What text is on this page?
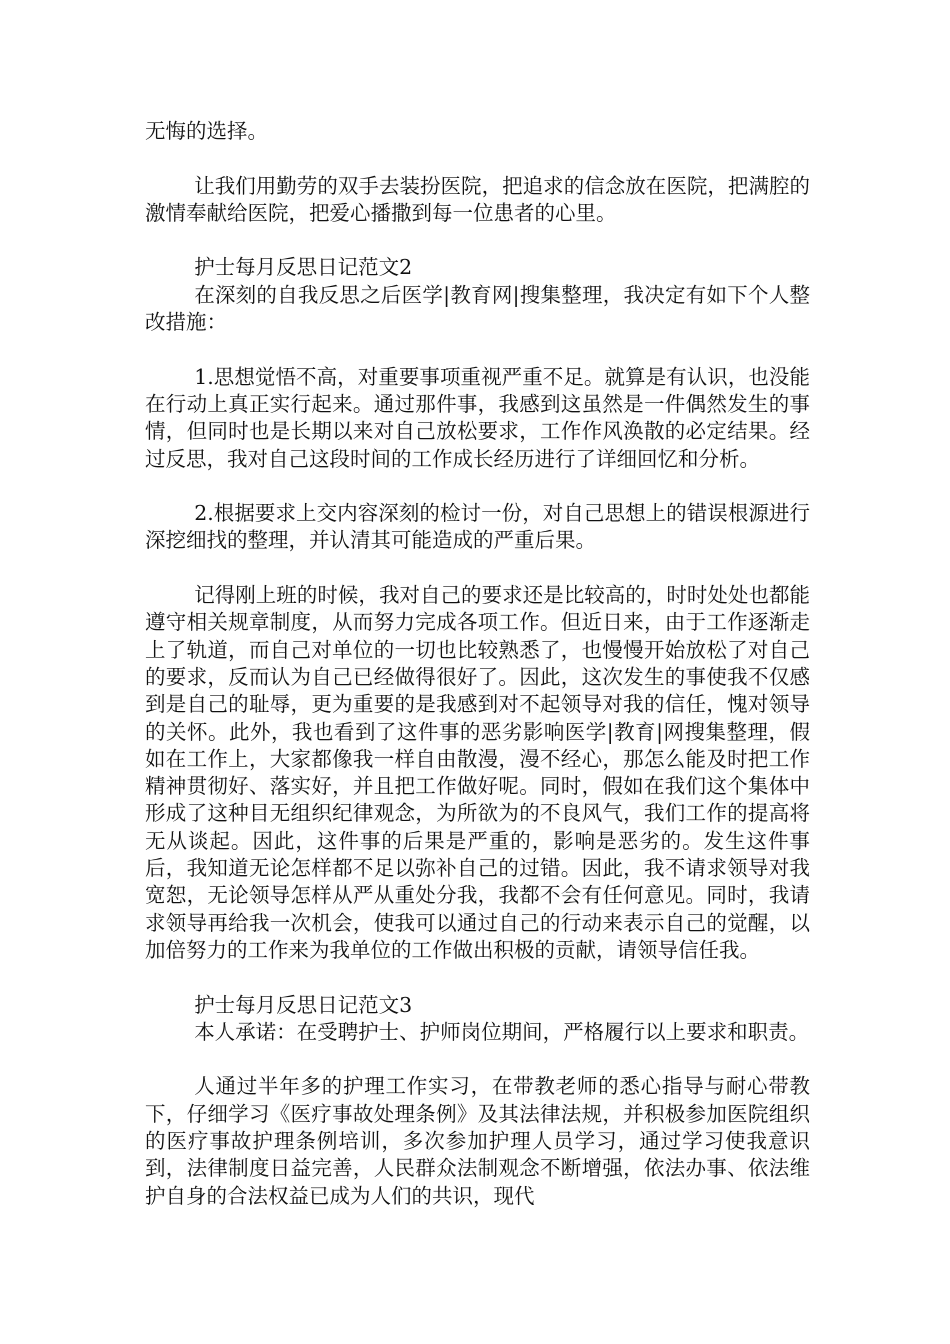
无悔的选择。

让我们用勤劳的双手去装扮医院，把追求的信念放在医院，把满腔的激情奉献给医院，把爱心播撒到每一位患者的心里。

护士每月反思日记范文2

在深刻的自我反思之后医学|教育网|搜集整理，我决定有如下个人整改措施：

1.思想觉悟不高，对重要事项重视严重不足。就算是有认识，也没能在行动上真正实行起来。通过那件事，我感到这虽然是一件偶然发生的事情，但同时也是长期以来对自己放松要求，工作作风涣散的必定结果。经过反思，我对自己这段时间的工作成长经历进行了详细回忆和分析。

2.根据要求上交内容深刻的检讨一份，对自己思想上的错误根源进行深挖细找的整理，并认清其可能造成的严重后果。

记得刚上班的时候，我对自己的要求还是比较高的，时时处处也都能遵守相关规章制度，从而努力完成各项工作。但近日来，由于工作逐渐走上了轨道，而自己对单位的一切也比较熟悉了，也慢慢开始放松了对自己的要求，反而认为自己已经做得很好了。因此，这次发生的事使我不仅感到是自己的耻辱，更为重要的是我感到对不起领导对我的信任，愧对领导的关怀。此外，我也看到了这件事的恶劣影响医学|教育|网搜集整理，假如在工作上，大家都像我一样自由散漫，漫不经心，那怎么能及时把工作精神贯彻好、落实好，并且把工作做好呢。同时，假如在我们这个集体中形成了这种目无组织纪律观念，为所欲为的不良风气，我们工作的提高将无从谈起。因此，这件事的后果是严重的，影响是恶劣的。发生这件事后，我知道无论怎样都不足以弥补自己的过错。因此，我不请求领导对我宽恕，无论领导怎样从严从重处分我，我都不会有任何意见。同时，我请求领导再给我一次机会，使我可以通过自己的行动来表示自己的觉醒，以加倍努力的工作来为我单位的工作做出积极的贡献，请领导信任我。

护士每月反思日记范文3

本人承诺：在受聘护士、护师岗位期间，严格履行以上要求和职责。

人通过半年多的护理工作实习，在带教老师的悉心指导与耐心带教下，仔细学习《医疗事故处理条例》及其法律法规，并积极参加医院组织的医疗事故护理条例培训，多次参加护理人员学习，通过学习使我意识到，法律制度日益完善，人民群众法制观念不断增强，依法办事、依法维护自身的合法权益已成为人们的共识，现代
